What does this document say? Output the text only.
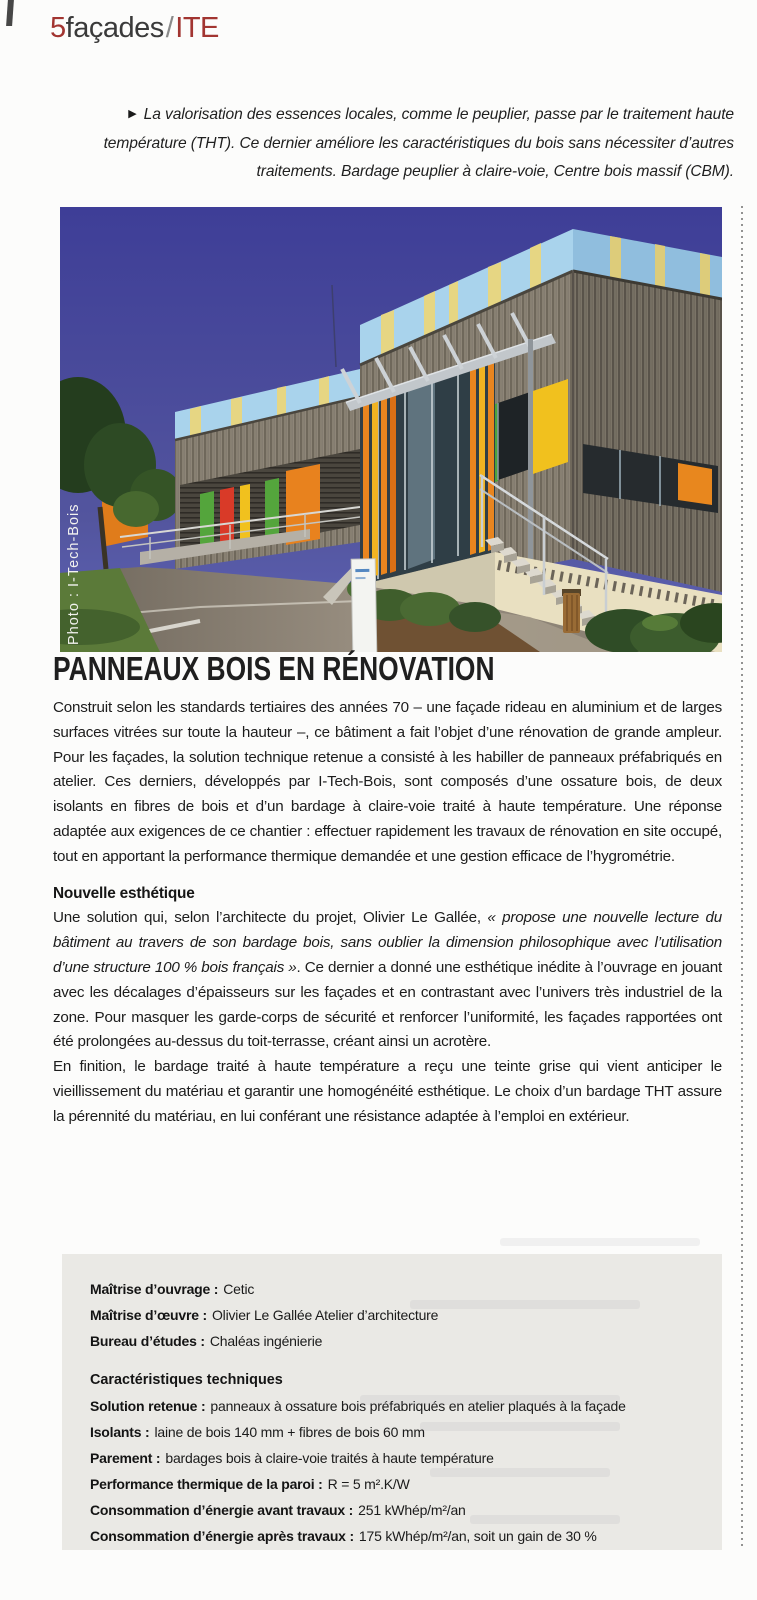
5façades/ITE
▶ La valorisation des essences locales, comme le peuplier, passe par le traitement haute température (THT). Ce dernier améliore les caractéristiques du bois sans nécessiter d’autres traitements. Bardage peuplier à claire-voie, Centre bois massif (CBM).
Photo : I-Tech-Bois
PANNEAUX BOIS EN RÉNOVATION

Construit selon les standards tertiaires des années 70 – une façade rideau en aluminium et de larges surfaces vitrées sur toute la hauteur –, ce bâtiment a fait l’objet d’une rénovation de grande ampleur. Pour les façades, la solution technique retenue a consisté à les habiller de panneaux préfabriqués en atelier. Ces derniers, développés par I-Tech-Bois, sont composés d’une ossature bois, de deux isolants en fibres de bois et d’un bardage à claire-voie traité à haute température. Une réponse adaptée aux exigences de ce chantier : effectuer rapidement les travaux de rénovation en site occupé, tout en apportant la performance thermique demandée et une gestion efficace de l’hygrométrie.

Nouvelle esthétique

Une solution qui, selon l’architecte du projet, Olivier Le Gallée, « propose une nouvelle lecture du bâtiment au travers de son bardage bois, sans oublier la dimension philosophique avec l’utilisation d’une structure 100 % bois français ». Ce dernier a donné une esthétique inédite à l’ouvrage en jouant avec les décalages d’épaisseurs sur les façades et en contrastant avec l’univers très industriel de la zone. Pour masquer les garde-corps de sécurité et renforcer l’uniformité, les façades rapportées ont été prolongées au-dessus du toit-terrasse, créant ainsi un acrotère.

En finition, le bardage traité à haute température a reçu une teinte grise qui vient anticiper le vieillissement du matériau et garantir une homogénéité esthétique. Le choix d’un bardage THT assure la pérennité du matériau, en lui conférant une résistance adaptée à l’emploi en extérieur.

Maîtrise d’ouvrage : Cetic
Maîtrise d’œuvre : Olivier Le Gallée Atelier d’architecture
Bureau d’études : Chaléas ingénierie
Caractéristiques techniques
Solution retenue : panneaux à ossature bois préfabriqués en atelier plaqués à la façade
Isolants : laine de bois 140 mm + fibres de bois 60 mm
Parement : bardages bois à claire-voie traités à haute température
Performance thermique de la paroi : R = 5 m².K/W
Consommation d’énergie avant travaux : 251 kWhép/m²/an
Consommation d’énergie après travaux : 175 kWhép/m²/an, soit un gain de 30 %
